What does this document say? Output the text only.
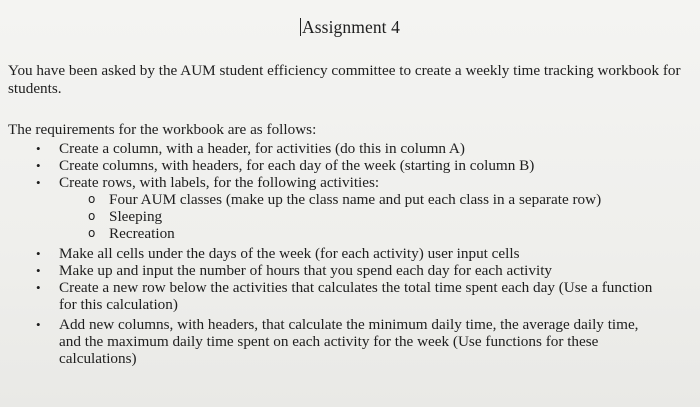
Assignment 4
You have been asked by the AUM student efficiency committee to create a weekly time tracking workbook for students.
The requirements for the workbook are as follows:
• Create a column, with a header, for activities (do this in column A)
• Create columns, with headers, for each day of the week (starting in column B)
• Create rows, with labels, for the following activities:
o Four AUM classes (make up the class name and put each class in a separate row)
o Sleeping
o Recreation
• Make all cells under the days of the week (for each activity) user input cells
• Make up and input the number of hours that you spend each day for each activity
• Create a new row below the activities that calculates the total time spent each day (Use a function for this calculation)
• Add new columns, with headers, that calculate the minimum daily time, the average daily time, and the maximum daily time spent on each activity for the week (Use functions for these calculations)
